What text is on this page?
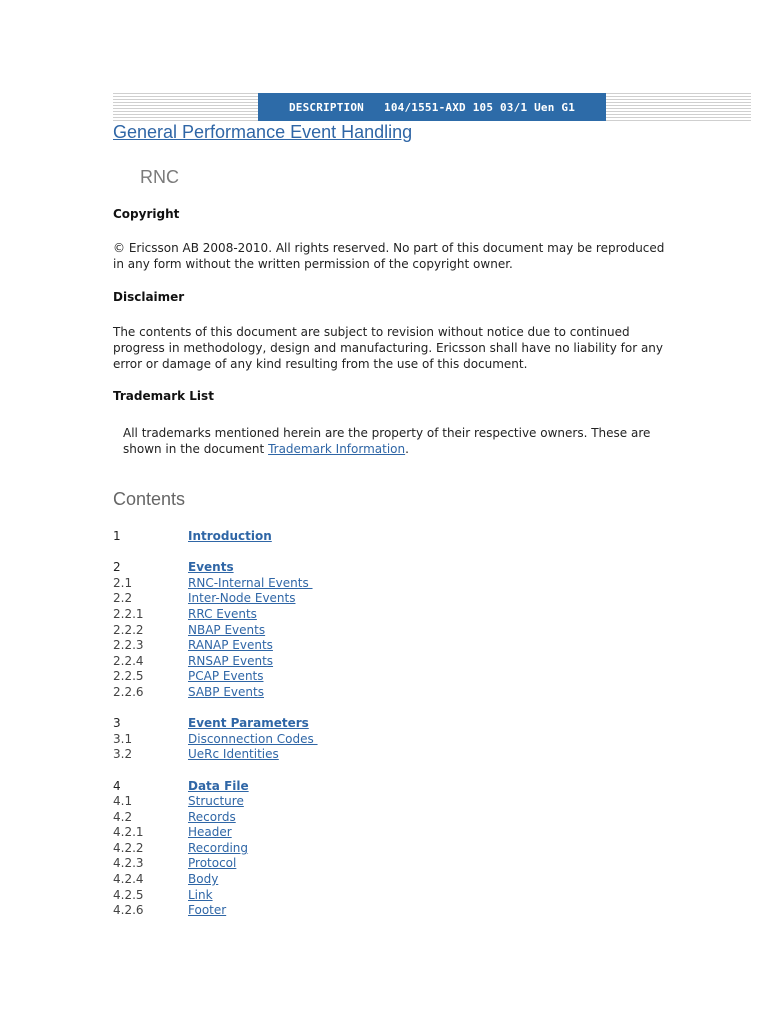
DESCRIPTION 104/1551-AXD 105 03/1 Uen G1
General Performance Event Handling
RNC
Copyright
© Ericsson AB 2008-2010. All rights reserved. No part of this document may be reproduced in any form without the written permission of the copyright owner.
Disclaimer
The contents of this document are subject to revision without notice due to continued progress in methodology, design and manufacturing. Ericsson shall have no liability for any error or damage of any kind resulting from the use of this document.
Trademark List
All trademarks mentioned herein are the property of their respective owners. These are shown in the document Trademark Information.
Contents
1	Introduction
2	Events
2.1	RNC-Internal Events
2.2	Inter-Node Events
2.2.1	RRC Events
2.2.2	NBAP Events
2.2.3	RANAP Events
2.2.4	RNSAP Events
2.2.5	PCAP Events
2.2.6	SABP Events
3	Event Parameters
3.1	Disconnection Codes
3.2	UeRc Identities
4	Data File
4.1	Structure
4.2	Records
4.2.1	Header
4.2.2	Recording
4.2.3	Protocol
4.2.4	Body
4.2.5	Link
4.2.6	Footer
